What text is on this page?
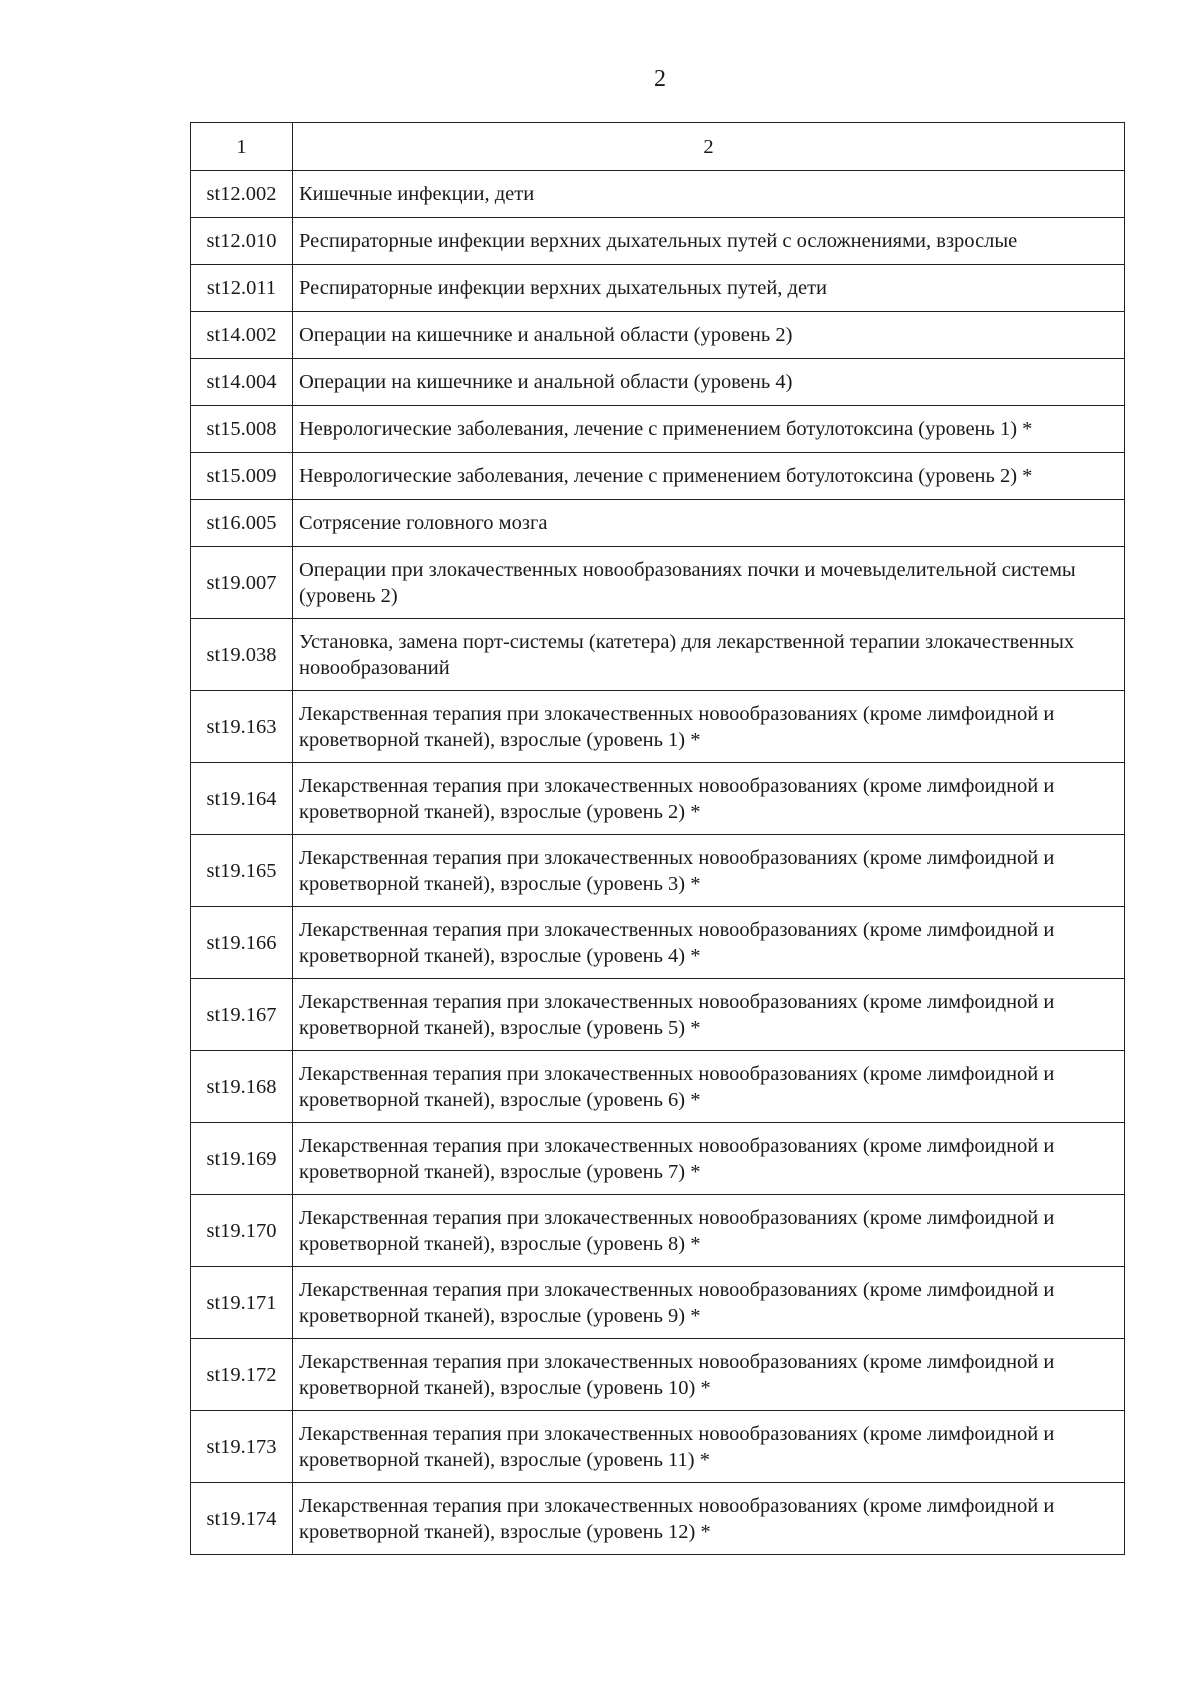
2
1	2
st12.002	Кишечные инфекции, дети
st12.010	Респираторные инфекции верхних дыхательных путей с осложнениями, взрослые
st12.011	Респираторные инфекции верхних дыхательных путей, дети
st14.002	Операции на кишечнике и анальной области (уровень 2)
st14.004	Операции на кишечнике и анальной области (уровень 4)
st15.008	Неврологические заболевания, лечение с применением ботулотоксина (уровень 1) *
st15.009	Неврологические заболевания, лечение с применением ботулотоксина (уровень 2) *
st16.005	Сотрясение головного мозга
st19.007	Операции при злокачественных новообразованиях почки и мочевыделительной системы (уровень 2)
st19.038	Установка, замена порт-системы (катетера) для лекарственной терапии злокачественных новообразований
st19.163	Лекарственная терапия при злокачественных новообразованиях (кроме лимфоидной и кроветворной тканей), взрослые (уровень 1) *
st19.164	Лекарственная терапия при злокачественных новообразованиях (кроме лимфоидной и кроветворной тканей), взрослые (уровень 2) *
st19.165	Лекарственная терапия при злокачественных новообразованиях (кроме лимфоидной и кроветворной тканей), взрослые (уровень 3) *
st19.166	Лекарственная терапия при злокачественных новообразованиях (кроме лимфоидной и кроветворной тканей), взрослые (уровень 4) *
st19.167	Лекарственная терапия при злокачественных новообразованиях (кроме лимфоидной и кроветворной тканей), взрослые (уровень 5) *
st19.168	Лекарственная терапия при злокачественных новообразованиях (кроме лимфоидной и кроветворной тканей), взрослые (уровень 6) *
st19.169	Лекарственная терапия при злокачественных новообразованиях (кроме лимфоидной и кроветворной тканей), взрослые (уровень 7) *
st19.170	Лекарственная терапия при злокачественных новообразованиях (кроме лимфоидной и кроветворной тканей), взрослые (уровень 8) *
st19.171	Лекарственная терапия при злокачественных новообразованиях (кроме лимфоидной и кроветворной тканей), взрослые (уровень 9) *
st19.172	Лекарственная терапия при злокачественных новообразованиях (кроме лимфоидной и кроветворной тканей), взрослые (уровень 10) *
st19.173	Лекарственная терапия при злокачественных новообразованиях (кроме лимфоидной и кроветворной тканей), взрослые (уровень 11) *
st19.174	Лекарственная терапия при злокачественных новообразованиях (кроме лимфоидной и кроветворной тканей), взрослые (уровень 12) *
